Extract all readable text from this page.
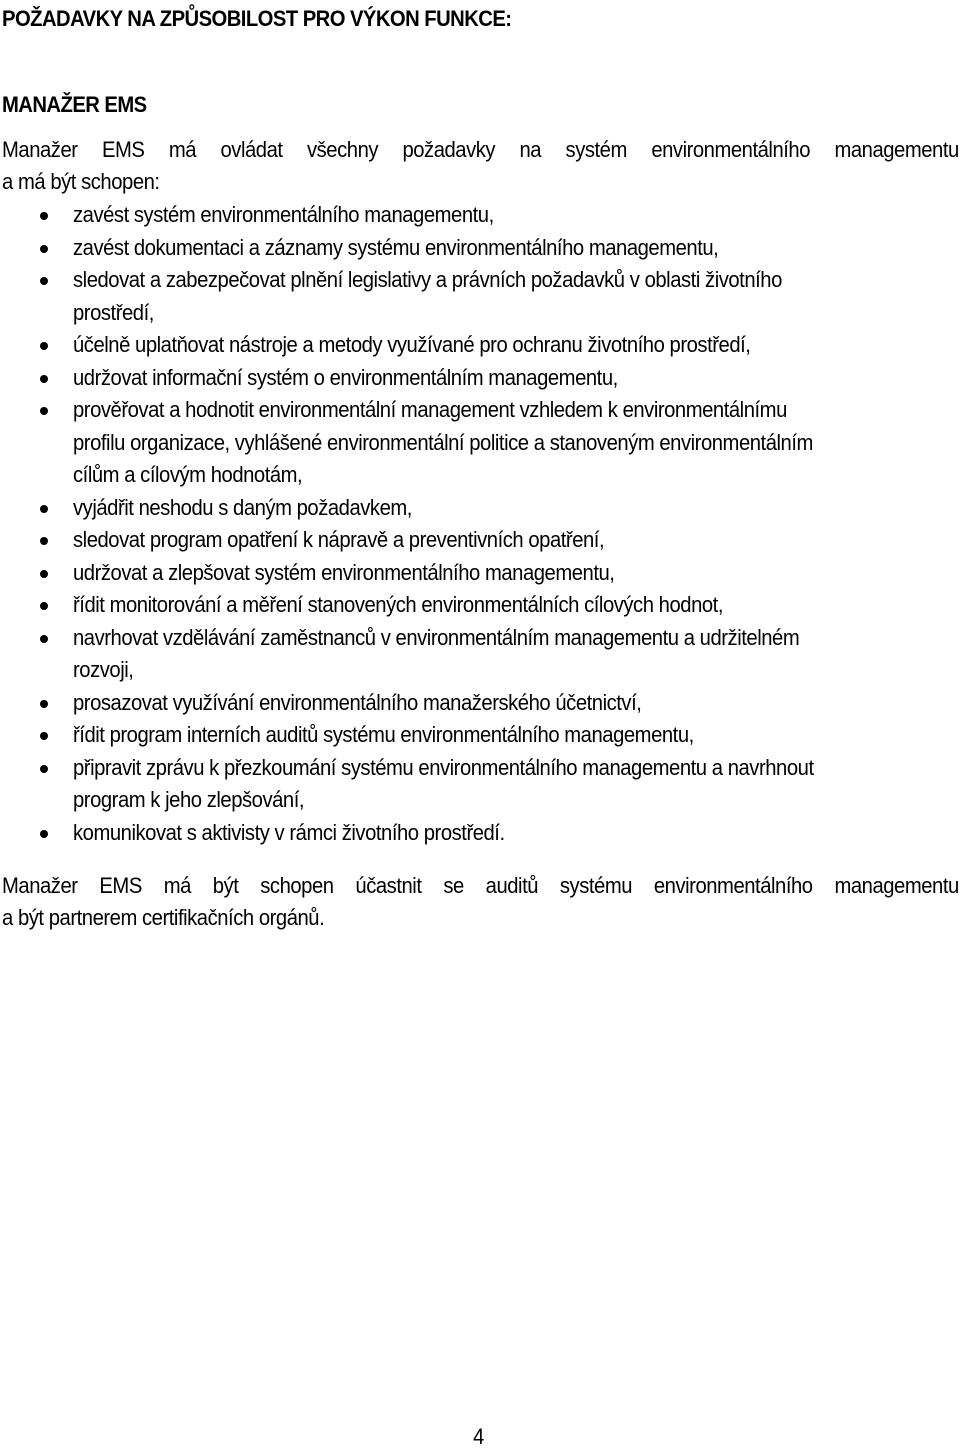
POŽADAVKY NA ZPŮSOBILOST PRO VÝKON FUNKCE:
MANAŽER EMS
Manažer EMS má ovládat všechny požadavky na systém environmentálního managementu
a má být schopen:
zavést systém environmentálního managementu,
zavést dokumentaci a záznamy systému environmentálního managementu,
sledovat a zabezpečovat plnění legislativy a právních požadavků v oblasti životního
prostředí,
účelně uplatňovat nástroje a metody využívané pro ochranu životního prostředí,
udržovat informační systém o environmentálním managementu,
prověřovat a hodnotit environmentální management vzhledem k environmentálnímu
profilu organizace, vyhlášené environmentální politice a stanoveným environmentálním
cílům a cílovým hodnotám,
vyjádřit neshodu s daným požadavkem,
sledovat program opatření k nápravě a preventivních opatření,
udržovat a zlepšovat systém environmentálního managementu,
řídit monitorování a měření stanovených environmentálních cílových hodnot,
navrhovat vzdělávání zaměstnanců v environmentálním managementu a udržitelném
rozvoji,
prosazovat využívání environmentálního manažerského účetnictví,
řídit program interních auditů systému environmentálního managementu,
připravit zprávu k přezkoumání systému environmentálního managementu a navrhnout
program k jeho zlepšování,
komunikovat s aktivisty v rámci životního prostředí.
Manažer EMS má být schopen účastnit se auditů systému environmentálního managementu
a být partnerem certifikačních orgánů.
4
